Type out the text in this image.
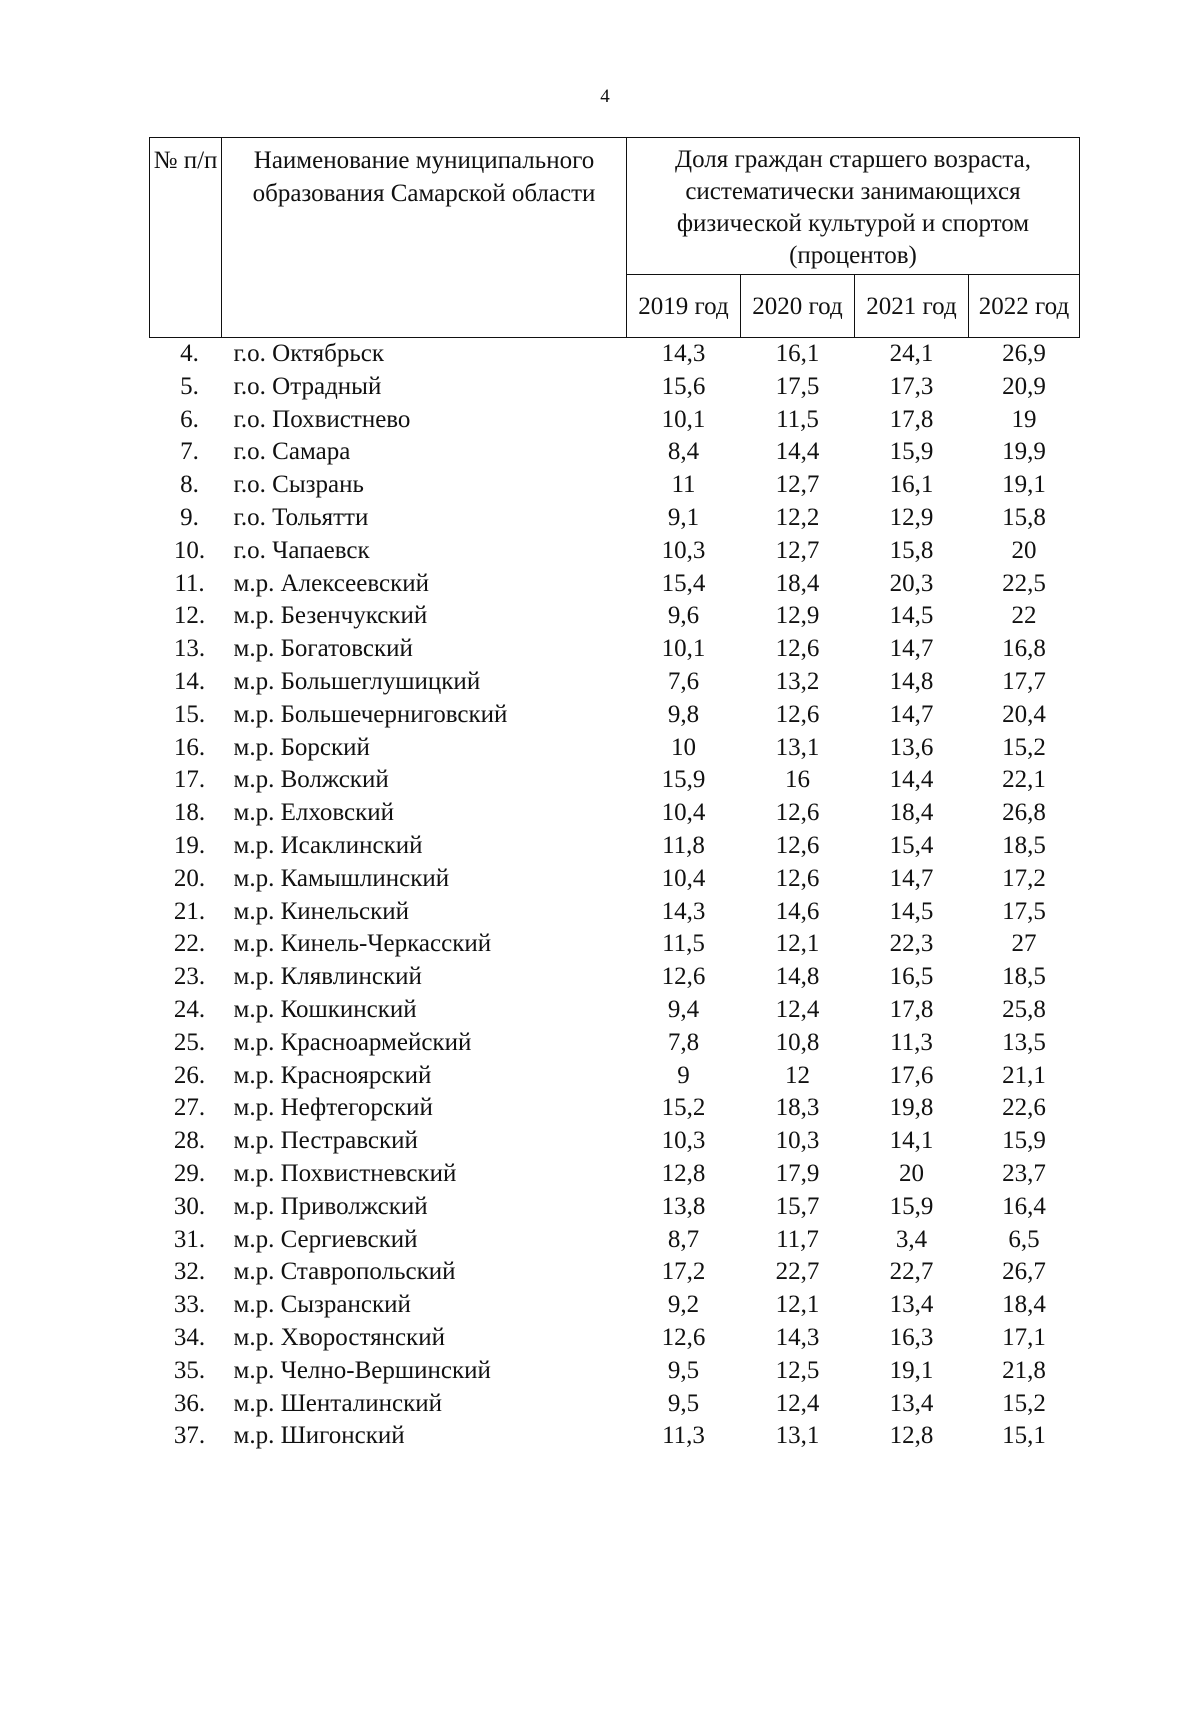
4
№ п/п	Наименование муниципального образования Самарской области	Доля граждан старшего возраста, систематически занимающихся физической культурой и спортом (процентов)			
		2019 год	2020 год	2021 год	2022 год
4.	г.о. Октябрьск	14,3	16,1	24,1	26,9
5.	г.о. Отрадный	15,6	17,5	17,3	20,9
6.	г.о. Похвистнево	10,1	11,5	17,8	19
7.	г.о. Самара	8,4	14,4	15,9	19,9
8.	г.о. Сызрань	11	12,7	16,1	19,1
9.	г.о. Тольятти	9,1	12,2	12,9	15,8
10.	г.о. Чапаевск	10,3	12,7	15,8	20
11.	м.р. Алексеевский	15,4	18,4	20,3	22,5
12.	м.р. Безенчукский	9,6	12,9	14,5	22
13.	м.р. Богатовский	10,1	12,6	14,7	16,8
14.	м.р. Большеглушицкий	7,6	13,2	14,8	17,7
15.	м.р. Большечерниговский	9,8	12,6	14,7	20,4
16.	м.р. Борский	10	13,1	13,6	15,2
17.	м.р. Волжский	15,9	16	14,4	22,1
18.	м.р. Елховский	10,4	12,6	18,4	26,8
19.	м.р. Исаклинский	11,8	12,6	15,4	18,5
20.	м.р. Камышлинский	10,4	12,6	14,7	17,2
21.	м.р. Кинельский	14,3	14,6	14,5	17,5
22.	м.р. Кинель-Черкасский	11,5	12,1	22,3	27
23.	м.р. Клявлинский	12,6	14,8	16,5	18,5
24.	м.р. Кошкинский	9,4	12,4	17,8	25,8
25.	м.р. Красноармейский	7,8	10,8	11,3	13,5
26.	м.р. Красноярский	9	12	17,6	21,1
27.	м.р. Нефтегорский	15,2	18,3	19,8	22,6
28.	м.р. Пестравский	10,3	10,3	14,1	15,9
29.	м.р. Похвистневский	12,8	17,9	20	23,7
30.	м.р. Приволжский	13,8	15,7	15,9	16,4
31.	м.р. Сергиевский	8,7	11,7	3,4	6,5
32.	м.р. Ставропольский	17,2	22,7	22,7	26,7
33.	м.р. Сызранский	9,2	12,1	13,4	18,4
34.	м.р. Хворостянский	12,6	14,3	16,3	17,1
35.	м.р. Челно-Вершинский	9,5	12,5	19,1	21,8
36.	м.р. Шенталинский	9,5	12,4	13,4	15,2
37.	м.р. Шигонский	11,3	13,1	12,8	15,1
